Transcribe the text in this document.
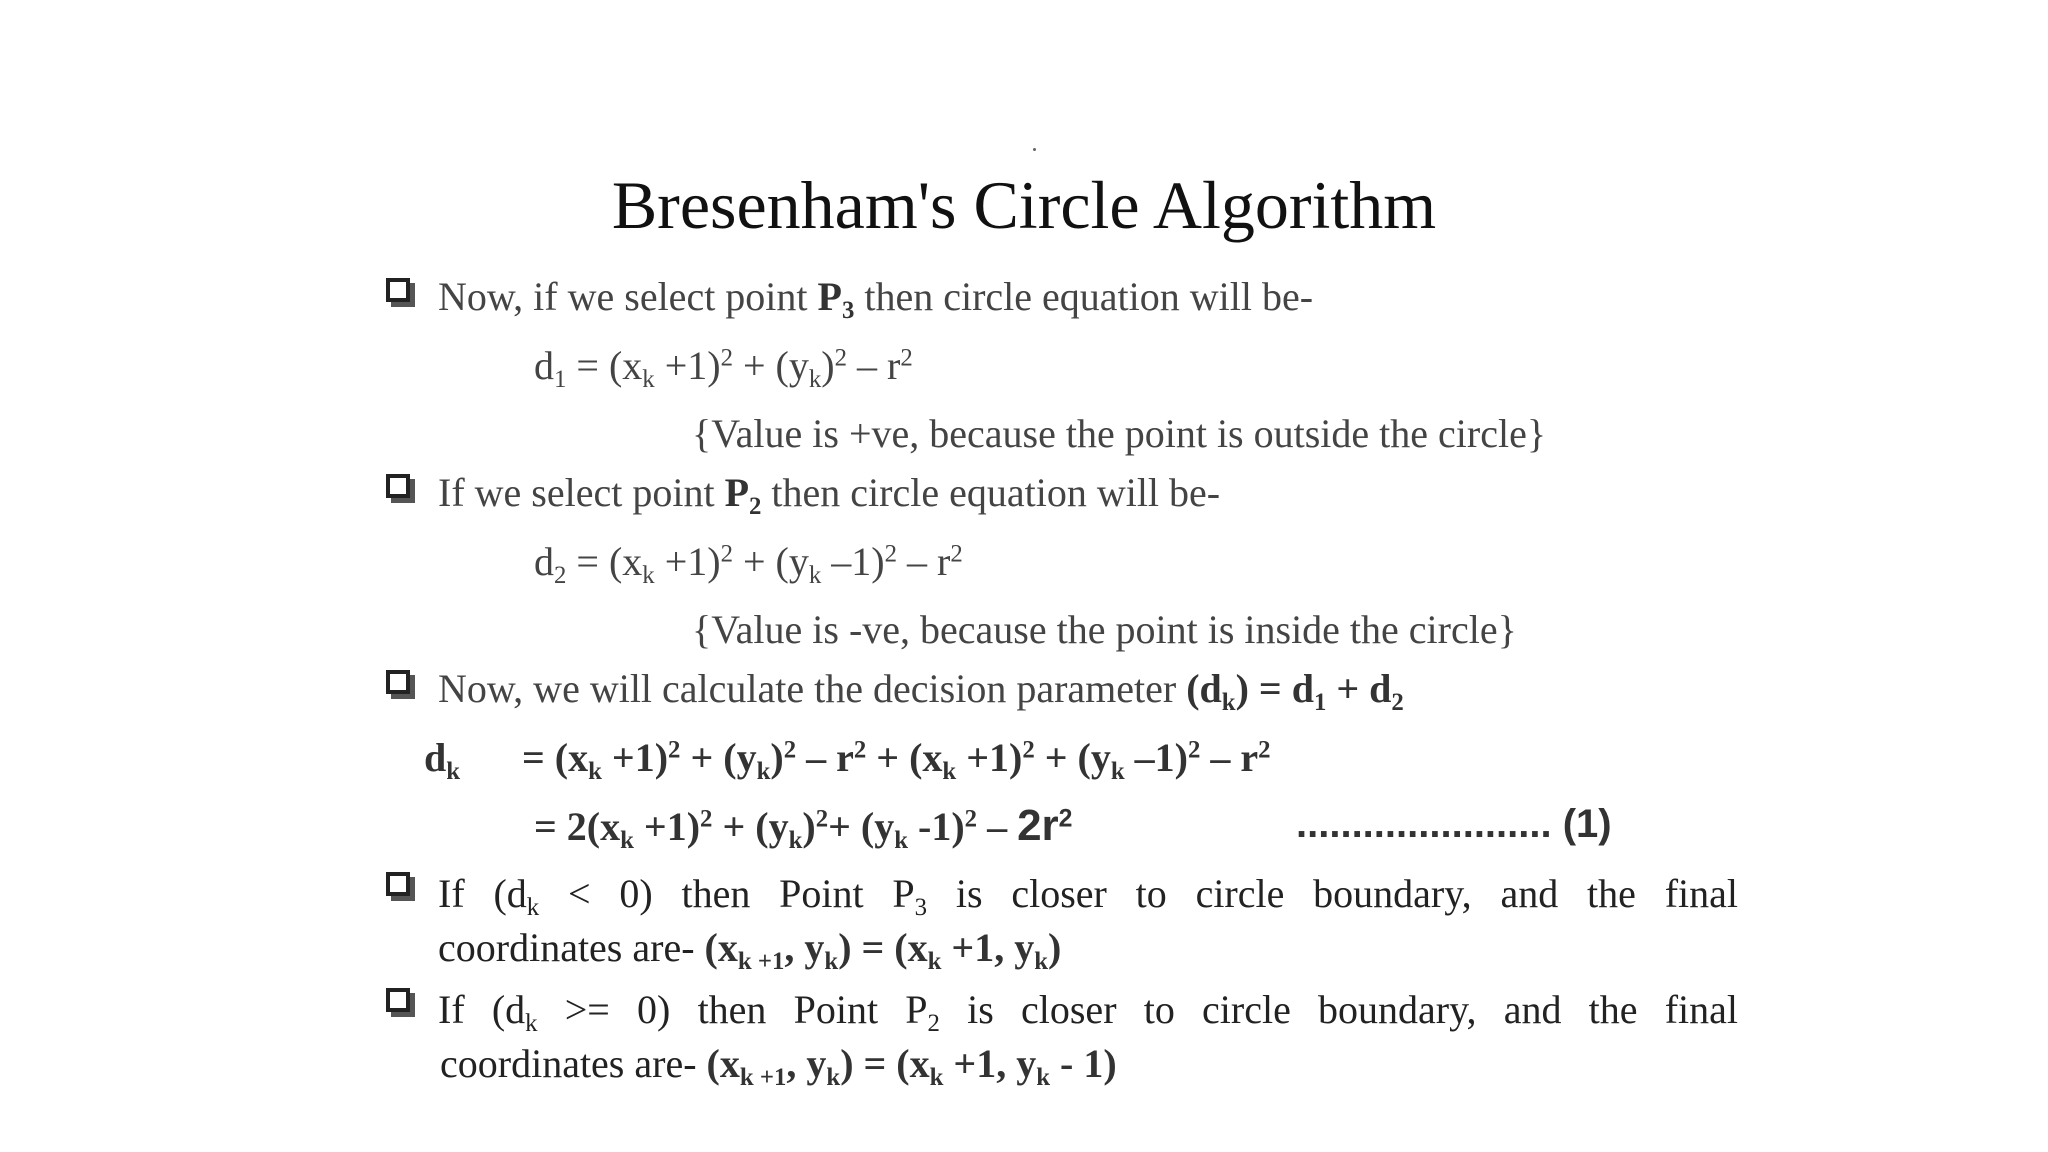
Bresenham's Circle Algorithm
Now, if we select point $P_3$ then circle equation will be-
$d_1 = (x_k +1)^2 + (y_k)^2 - r^2$
{Value is +ve, because the point is outside the circle}
If we select point $P_2$ then circle equation will be-
$d_2 = (x_k +1)^2 + (y_k$ $-1)^2 - r^2$
{Value is -ve, because the point is inside the circle}
Now, we will calculate the decision parameter $(d_k) = d_1 + d_2$
$d_k = (x_k +1)^2 + (y_k)^2 - r^2 + (x_k +1)^2 + (y_k$ $-1)^2 - r^2$
= $2(x_k +1)^2 + (y_k)^2+ (y_k$ $-1)^2 - 2r^2$	....................... (1)
If $(d_k < 0)$ then Point $P_3$ is closer to circle boundary, and the final
coordinates are- ($x_{k +1}$, $y_k) = (x_k +1$, $y_k$)
If $(d_k >= 0)$ then Point $P_2$ is closer to circle boundary, and the final
coordinates are- ($x_{k +1}$, $y_k) = (x_k +1$, $y_k - 1$)
